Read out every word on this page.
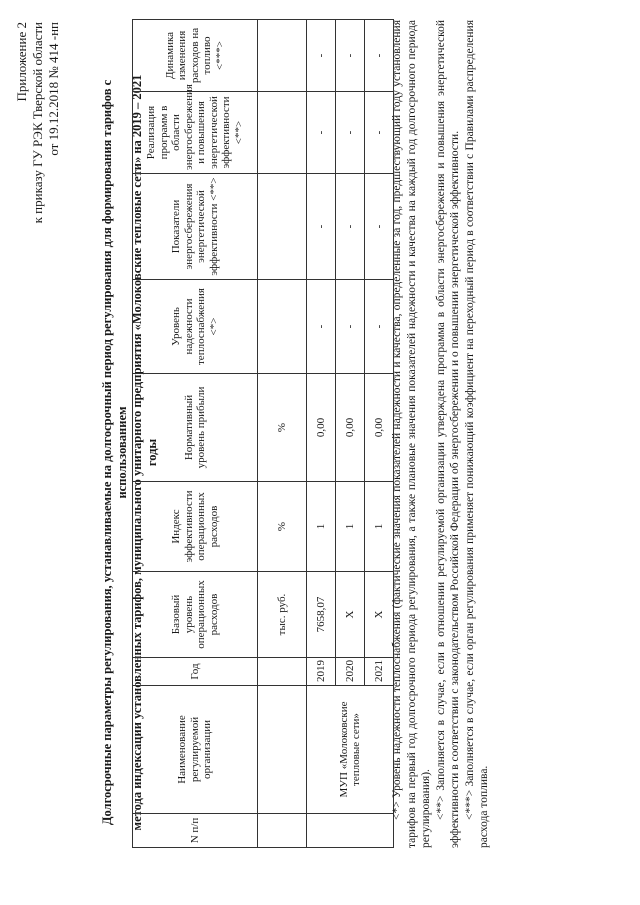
Приложение 2 к приказу ГУ РЭК Тверской области от 19.12.2018 № 414 -нп	Долгосрочные параметры регулирования, устанавливаемые на долгосрочный период регулирования для формирования тарифов с использованием метода индексации установленных тарифов, муниципального унитарного предприятия «Молоковские тепловые сети» на 2019 – 2021 годы
N п/п	Наименование регулируемой организации	Год	Базовый уровень операционных расходов	Индекс эффективности операционных расходов	Нормативный уровень прибыли	Уровень надежности теплоснабжения <*>	Показатели энергосбережения энергетической эффективности <**>	Реализация программ в области энергосбережения и повышения энергетической эффективности <**>	Динамика изменения расходов на топливо <***>
			тыс. руб.	%	%				
	МУП «Молоковские тепловые сети»	2019	7658,07	1	0,00	-	-	-	-
		2020	Х	1	0,00	-	-	-	-
		2021	Х	1	0,00	-	-	-	- <*> Уровень надежности теплоснабжения (фактические значения показателей надежности и качества, определенные за год, предшествующий году установления тарифов на первый год долгосрочного периода регулирования, а также плановые значения показателей надежности и качества на каждый год долгосрочного периода регулирования). <**> Заполняется в случае, если в отношении регулируемой организации утверждена программа в области энергосбережения и повышения энергетической эффективности в соответствии с законодательством Российской Федерации об энергосбережении и о повышении энергетической эффективности. <***> Заполняется в случае, если орган регулирования применяет понижающий коэффициент на переходный период в соответствии с Правилами распределения расхода топлива.
